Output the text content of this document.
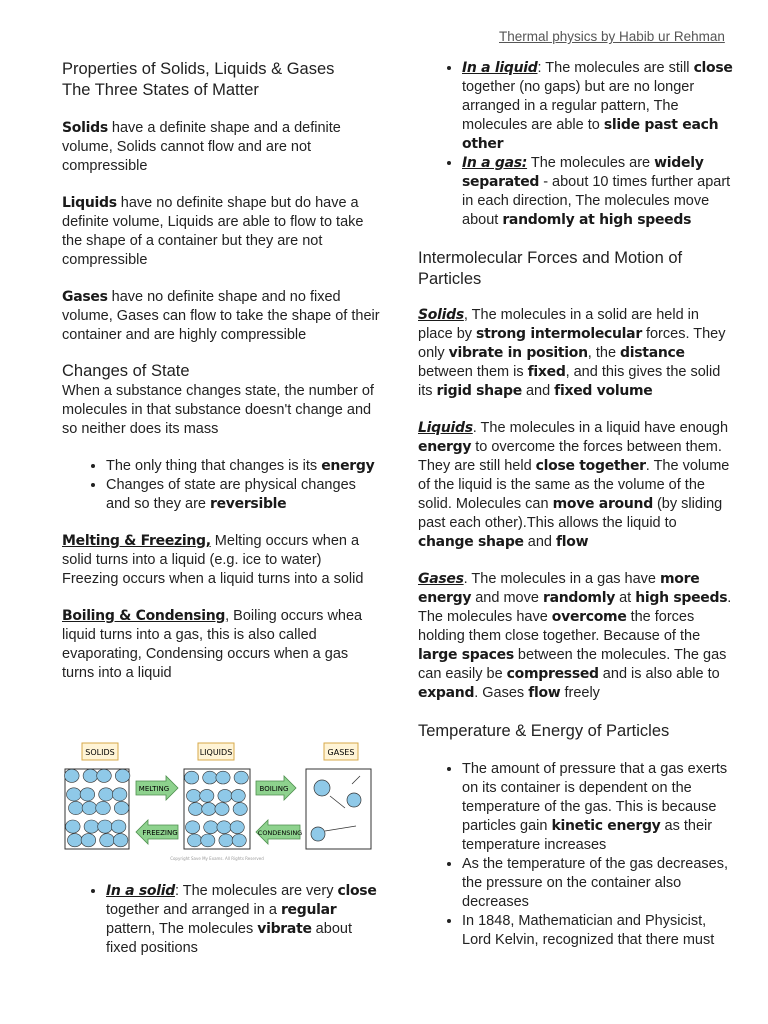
Thermal physics by Habib ur Rehman
Properties of Solids, Liquids & Gases
The Three States of Matter

Solids have a definite shape and a definite volume, Solids cannot flow and are not compressible

Liquids have no definite shape but do have a definite volume, Liquids are able to flow to take the shape of a container but they are not compressible

Gases have no definite shape and no fixed volume, Gases can flow to take the shape of their container and are highly compressible

Changes of State

When a substance changes state, the number of molecules in that substance doesn't change and so neither does its mass

• The only thing that changes is its energy
• Changes of state are physical changes and so they are reversible

Melting & Freezing, Melting occurs when a solid turns into a liquid (e.g. ice to water) Freezing occurs when a liquid turns into a solid

Boiling & Condensing, Boiling occurs whea liquid turns into a gas, this is also called evaporating, Condensing occurs when a gas turns into a liquid

SOLIDS	LIQUIDS	GASES
MELTING	BOILING
FREEZING	CONDENSING
Copyright Save My Exams. All Rights Reserved
• In a solid: The molecules are very close together and arranged in a regular pattern, The molecules vibrate about fixed positions
• In a liquid: The molecules are still close together (no gaps) but are no longer arranged in a regular pattern, The molecules are able to slide past each other
• In a gas: The molecules are widely separated - about 10 times further apart in each direction, The molecules move about randomly at high speeds
Intermolecular Forces and Motion of Particles

Solids, The molecules in a solid are held in place by strong intermolecular forces. They only vibrate in position, the distance between them is fixed, and this gives the solid its rigid shape and fixed volume

Liquids. The molecules in a liquid have enough energy to overcome the forces between them. They are still held close together. The volume of the liquid is the same as the volume of the solid. Molecules can move around (by sliding past each other).This allows the liquid to change shape and flow

Gases. The molecules in a gas have more energy and move randomly at high speeds. The molecules have overcome the forces holding them close together. Because of the large spaces between the molecules. The gas can easily be compressed and is also able to expand. Gases flow freely

Temperature & Energy of Particles
• The amount of pressure that a gas exerts on its container is dependent on the temperature of the gas. This is because particles gain kinetic energy as their temperature increases
• As the temperature of the gas decreases, the pressure on the container also decreases
• In 1848, Mathematician and Physicist, Lord Kelvin, recognized that there must
